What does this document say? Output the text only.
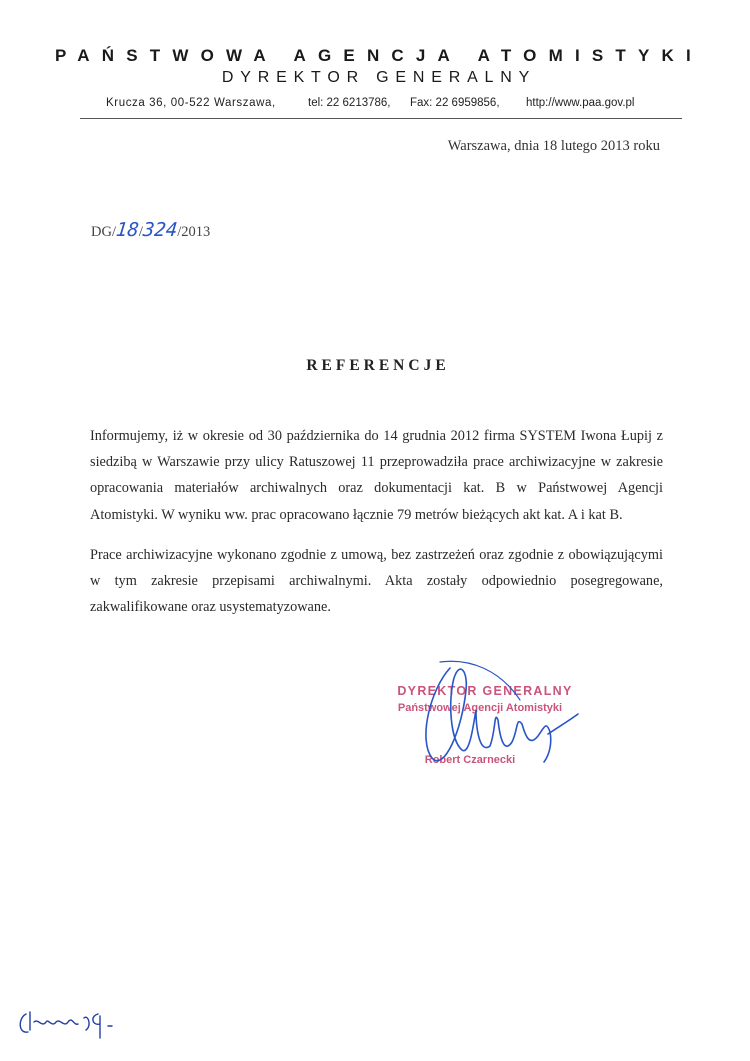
PAŃSTWOWA AGENCJA ATOMISTYKI
DYREKTOR GENERALNY
Krucza 36, 00-522 Warszawa,	tel: 22 6213786, Fax: 22 6959856, http://www.paa.gov.pl
Warszawa, dnia 18 lutego 2013 roku
DG/18/324/2013
REFERENCJE
Informujemy, iż w okresie od 30 października do 14 grudnia 2012 firma SYSTEM Iwona Łupij z siedzibą w Warszawie przy ulicy Ratuszowej 11 przeprowadziła prace archiwizacyjne w zakresie opracowania materiałów archiwalnych oraz dokumentacji kat. B w Państwowej Agencji Atomistyki. W wyniku ww. prac opracowano łącznie 79 metrów bieżących akt kat. A i kat B.
Prace archiwizacyjne wykonano zgodnie z umową, bez zastrzeżeń oraz zgodnie z obowiązującymi w tym zakresie przepisami archiwalnymi. Akta zostały odpowiednio posegregowane, zakwalifikowane oraz usystematyzowane.
DYREKTOR GENERALNY
Państwowej Agencji Atomistyki
Robert Czarnecki
